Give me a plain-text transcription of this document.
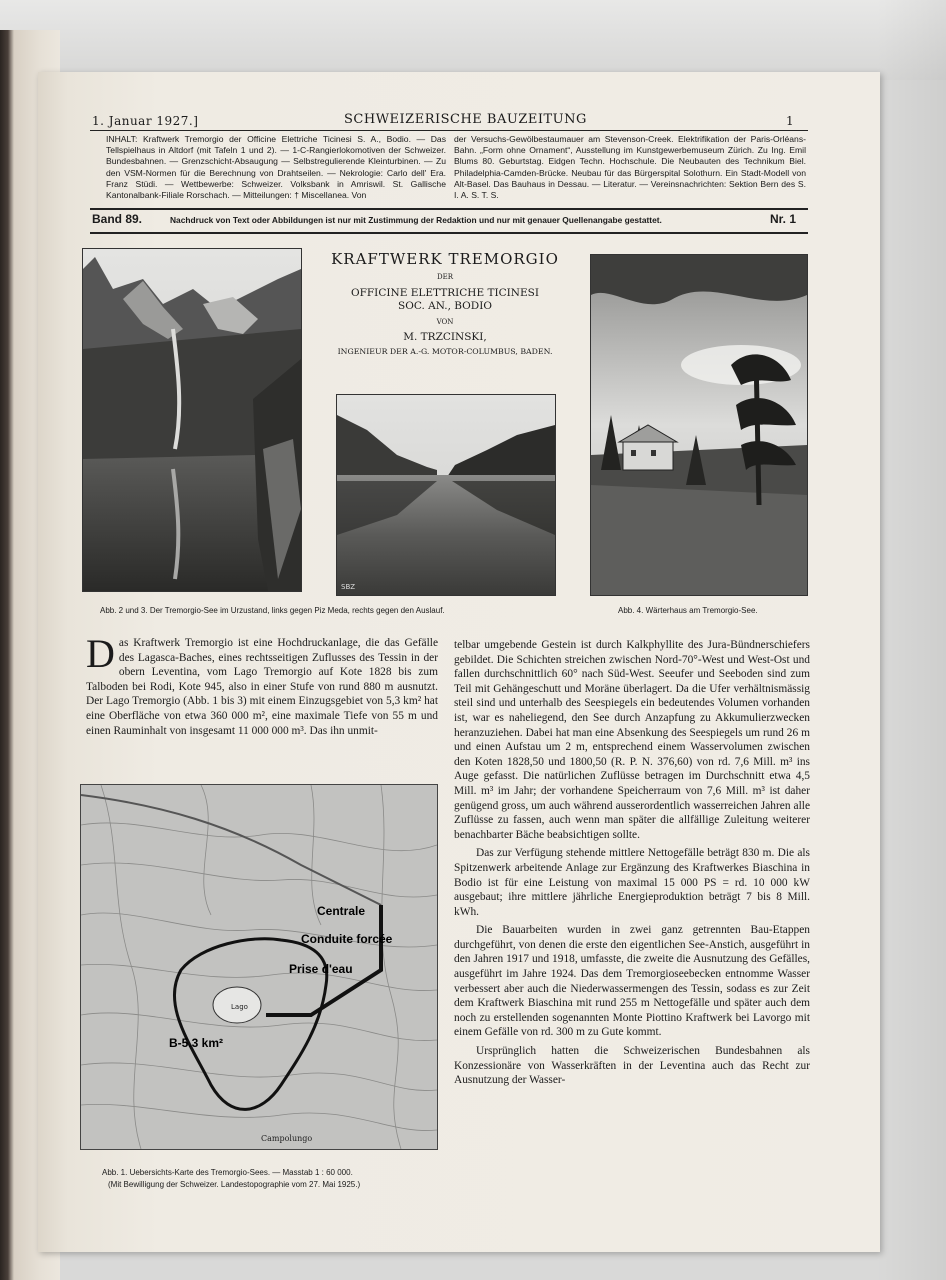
1. Januar 1927.]	SCHWEIZERISCHE BAUZEITUNG	1
INHALT: Kraftwerk Tremorgio der Officine Elettriche Ticinesi S. A., Bodio. — Das Tellspielhaus in Altdorf (mit Tafeln 1 und 2). — 1-C-Rangierlokomotiven der Schweizer. Bundesbahnen. — Grenzschicht-Absaugung — Selbstregulierende Kleinturbinen. — Zu den VSM-Normen für die Berechnung von Drahtseilen. — Nekrologie: Carlo dell' Era. Franz Stüdi. — Wettbewerbe: Schweizer. Volksbank in Amriswil. St. Gallische Kantonalbank-Filiale Rorschach. — Mitteilungen: † Miscellanea. Von
der Versuchs-Gewölbestaumauer am Stevenson-Creek. Elektrifikation der Paris-Orléans-Bahn. „Form ohne Ornament“, Ausstellung im Kunstgewerbemuseum Zürich. Zu Ing. Emil Blums 80. Geburtstag. Eidgen Techn. Hochschule. Die Neubauten des Technikum Biel. Philadelphia-Camden-Brücke. Neubau für das Bürgerspital Solothurn. Ein Stadt-Modell von Alt-Basel. Das Bauhaus in Dessau. — Literatur. — Vereinsnachrichten: Sektion Bern des S. I. A. S. T. S.
Band 89.	Nachdruck von Text oder Abbildungen ist nur mit Zustimmung der Redaktion und nur mit genauer Quellenangabe gestattet.	Nr. 1
KRAFTWERK TREMORGIO
DER
OFFICINE ELETTRICHE TICINESI
SOC. AN., BODIO
VON
M. TRZCINSKI,
INGENIEUR DER A.-G. MOTOR-COLUMBUS, BADEN.
SBZ
Abb. 2 und 3. Der Tremorgio-See im Urzustand, links gegen Piz Meda, rechts gegen den Auslauf.	Abb. 4. Wärterhaus am Tremorgio-See.
D as Kraftwerk Tremorgio ist eine Hochdruckanlage, die das Gefälle des Lagasca-Baches, eines rechtsseitigen Zuflusses des Tessin in der obern Leventina, vom Lago Tremorgio auf Kote 1828 bis zum Talboden bei Rodi, Kote 945, also in einer Stufe von rund 880 m ausnutzt. Der Lago Tremorgio (Abb. 1 bis 3) mit einem Einzugsgebiet von 5,3 km² hat eine Oberfläche von etwa 360 000 m², eine maximale Tiefe von 55 m und einen Rauminhalt von insgesamt 11 000 000 m³. Das ihn unmit-
Lago
Centrale
Conduite forcée
Prise d'eau
B-5.3 km²
Campolungo
Abb. 1. Uebersichts-Karte des Tremorgio-Sees. — Masstab 1 : 60 000.
(Mit Bewilligung der Schweizer. Landestopographie vom 27. Mai 1925.)

telbar umgebende Gestein ist durch Kalkphyllite des Jura-Bündnerschiefers gebildet. Die Schichten streichen zwischen Nord-70°-West und West-Ost und fallen durchschnittlich 60° nach Süd-West. Seeufer und Seeboden sind zum Teil mit Gehängeschutt und Moräne überlagert. Da die Ufer verhältnismässig steil sind und unterhalb des Seespiegels ein bedeutendes Volumen vorhanden ist, war es naheliegend, den See durch Anzapfung zu Akkumulierzwecken heranzuziehen. Dabei hat man eine Absenkung des Seespiegels um rund 26 m und einen Aufstau um 2 m, entsprechend einem Wasservolumen zwischen den Koten 1828,50 und 1800,50 (R. P. N. 376,60) von rd. 7,6 Mill. m³ ins Auge gefasst. Die natürlichen Zuflüsse betragen im Durchschnitt etwa 4,5 Mill. m³ im Jahr; der vorhandene Speicherraum von 7,6 Mill. m³ ist daher genügend gross, um auch während ausserordentlich wasserreichen Jahren alle Zuflüsse zu fassen, auch wenn man später die allfällige Zuleitung weiterer benachbarter Bäche beabsichtigen sollte.

Das zur Verfügung stehende mittlere Nettogefälle beträgt 830 m. Die als Spitzenwerk arbeitende Anlage zur Ergänzung des Kraftwerkes Biaschina in Bodio ist für eine Leistung von maximal 15 000 PS = rd. 10 000 kW ausgebaut; ihre mittlere jährliche Energieproduktion beträgt 7 bis 8 Mill. kWh.

Die Bauarbeiten wurden in zwei ganz getrennten Bau-Etappen durchgeführt, von denen die erste den eigentlichen See-Anstich, ausgeführt in den Jahren 1917 und 1918, umfasste, die zweite die Ausnutzung des Gefälles, ausgeführt im Jahre 1924. Das dem Tremorgioseebecken entnomme Wasser verbessert aber auch die Niederwassermengen des Tessin, sodass es zur Zeit dem Kraftwerk Biaschina mit rund 255 m Nettogefälle und später auch dem noch zu erstellenden sogenannten Monte Piottino Kraftwerk bei Lavorgo mit einem Gefälle von rd. 300 m zu Gute kommt.

Ursprünglich hatten die Schweizerischen Bundesbahnen als Konzessionäre von Wasserkräften in der Leventina auch das Recht zur Ausnutzung der Wasser-
